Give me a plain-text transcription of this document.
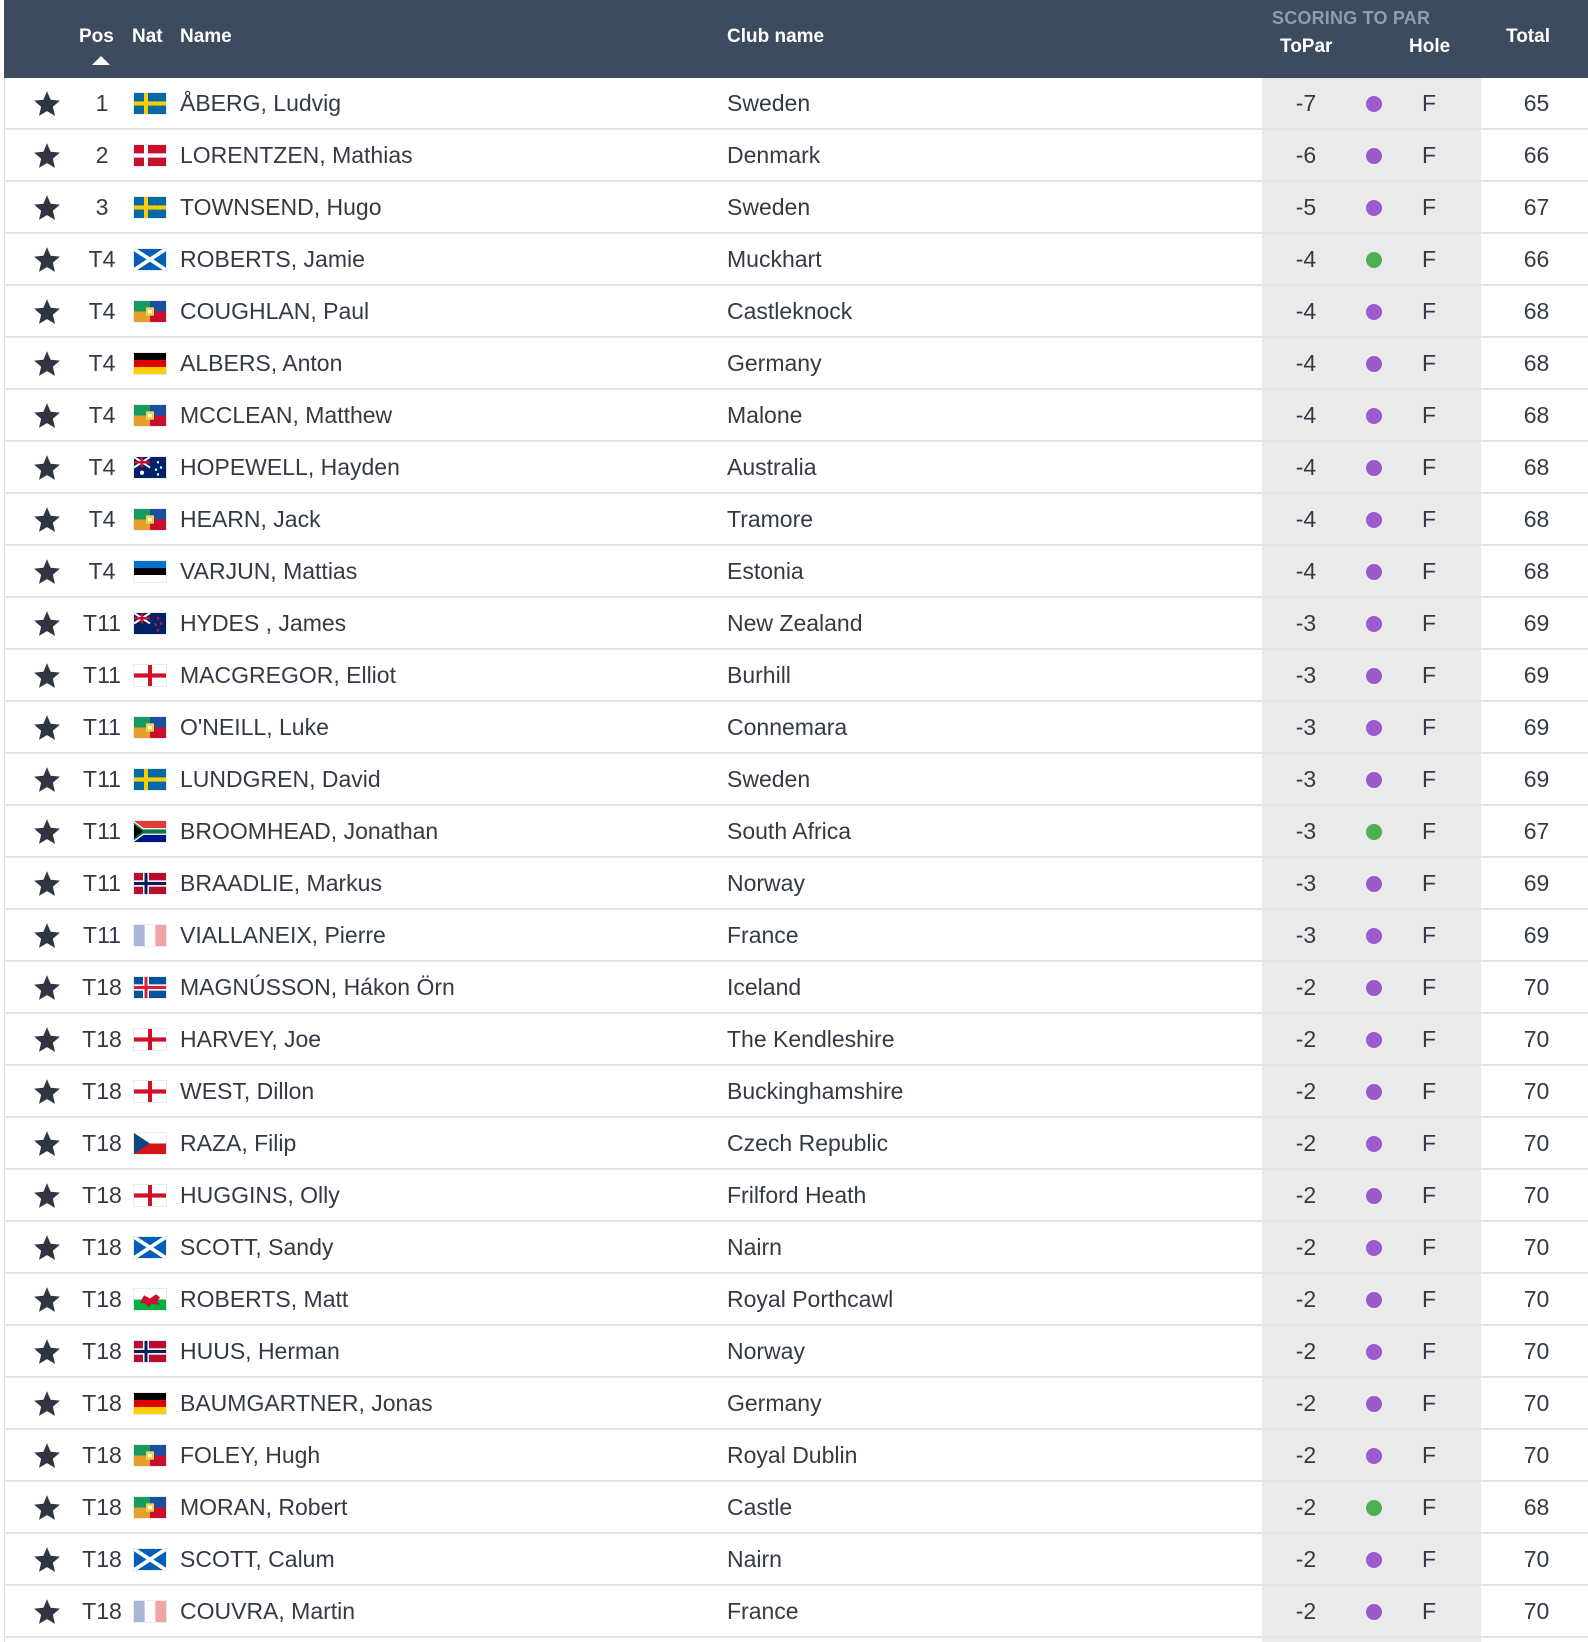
Pos Nat Name	Club name
SCORING TO PAR
ToPar	Hole	Total
1	ÅBERG, Ludvig	Sweden	-7	F	65
2	LORENTZEN, Mathias	Denmark	-6	F	66
3	TOWNSEND, Hugo	Sweden	-5	F	67
T4	ROBERTS, Jamie	Muckhart	-4	F	66
T4	COUGHLAN, Paul	Castleknock	-4	F	68
T4	ALBERS, Anton	Germany	-4	F	68
T4	MCCLEAN, Matthew	Malone	-4	F	68
T4	HOPEWELL, Hayden	Australia	-4	F	68
T4	HEARN, Jack	Tramore	-4	F	68
T4	VARJUN, Mattias	Estonia	-4	F	68
T11	HYDES , James	New Zealand	-3	F	69
T11	MACGREGOR, Elliot	Burhill	-3	F	69
T11	O'NEILL, Luke	Connemara	-3	F	69
T11	LUNDGREN, David	Sweden	-3	F	69
T11	BROOMHEAD, Jonathan	South Africa	-3	F	67
T11	BRAADLIE, Markus	Norway	-3	F	69
T11	VIALLANEIX, Pierre	France	-3	F	69
T18	MAGNÚSSON, Hákon Örn	Iceland	-2	F	70
T18	HARVEY, Joe	The Kendleshire	-2	F	70
T18	WEST, Dillon	Buckinghamshire	-2	F	70
T18	RAZA, Filip	Czech Republic	-2	F	70
T18	HUGGINS, Olly	Frilford Heath	-2	F	70
T18	SCOTT, Sandy	Nairn	-2	F	70
T18	ROBERTS, Matt	Royal Porthcawl	-2	F	70
T18	HUUS, Herman	Norway	-2	F	70
T18	BAUMGARTNER, Jonas	Germany	-2	F	70
T18	FOLEY, Hugh	Royal Dublin	-2	F	70
T18	MORAN, Robert	Castle	-2	F	68
T18	SCOTT, Calum	Nairn	-2	F	70
T18	COUVRA, Martin	France	-2	F	70
